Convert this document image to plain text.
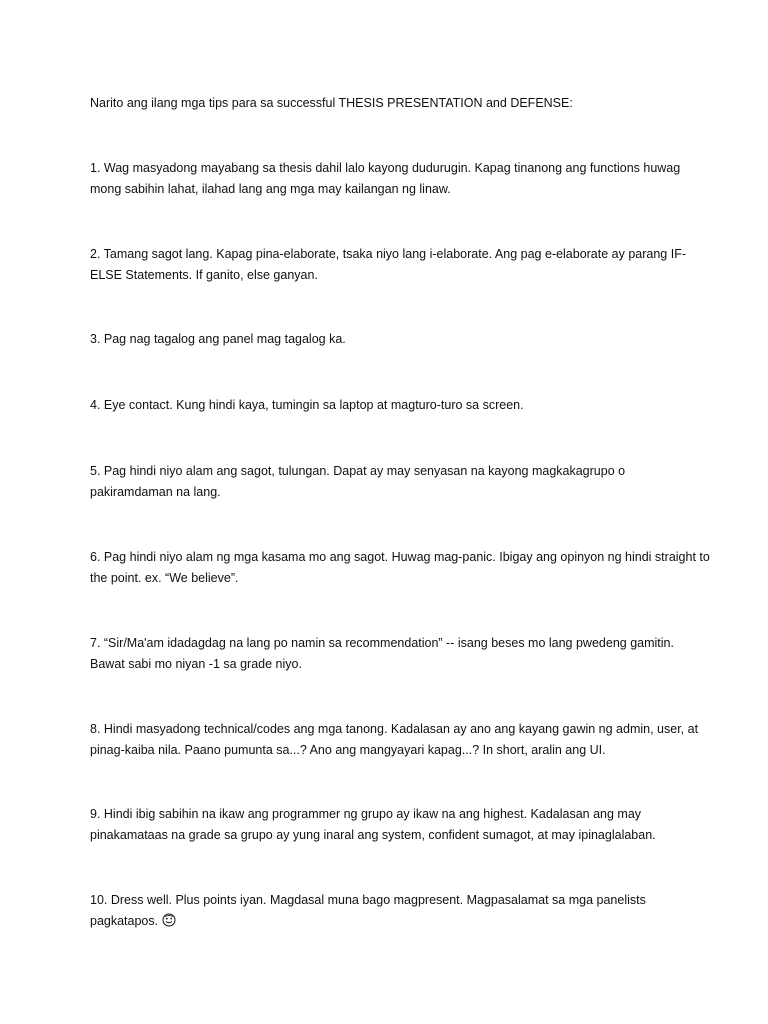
Narito ang ilang mga tips para sa successful THESIS PRESENTATION and DEFENSE:

1. Wag masyadong mayabang sa thesis dahil lalo kayong dudurugin. Kapag tinanong ang functions huwag mong sabihin lahat, ilahad lang ang mga may kailangan ng linaw.

2. Tamang sagot lang. Kapag pina-elaborate, tsaka niyo lang i-elaborate. Ang pag e-elaborate ay parang IF-ELSE Statements. If ganito, else ganyan.

3. Pag nag tagalog ang panel mag tagalog ka.

4. Eye contact. Kung hindi kaya, tumingin sa laptop at magturo-turo sa screen.

5. Pag hindi niyo alam ang sagot, tulungan. Dapat ay may senyasan na kayong magkakagrupo o pakiramdaman na lang.

6. Pag hindi niyo alam ng mga kasama mo ang sagot. Huwag mag-panic. Ibigay ang opinyon ng hindi straight to the point. ex. “We believe”.

7. “Sir/Ma'am idadagdag na lang po namin sa recommendation” -- isang beses mo lang pwedeng gamitin. Bawat sabi mo niyan -1 sa grade niyo.

8. Hindi masyadong technical/codes ang mga tanong. Kadalasan ay ano ang kayang gawin ng admin, user, at pinag-kaiba nila. Paano pumunta sa...? Ano ang mangyayari kapag...? In short, aralin ang UI.

9. Hindi ibig sabihin na ikaw ang programmer ng grupo ay ikaw na ang highest. Kadalasan ang may pinakamataas na grade sa grupo ay yung inaral ang system, confident sumagot, at may ipinaglalaban.

10. Dress well. Plus points iyan. Magdasal muna bago magpresent. Magpasalamat sa mga panelists pagkatapos.
